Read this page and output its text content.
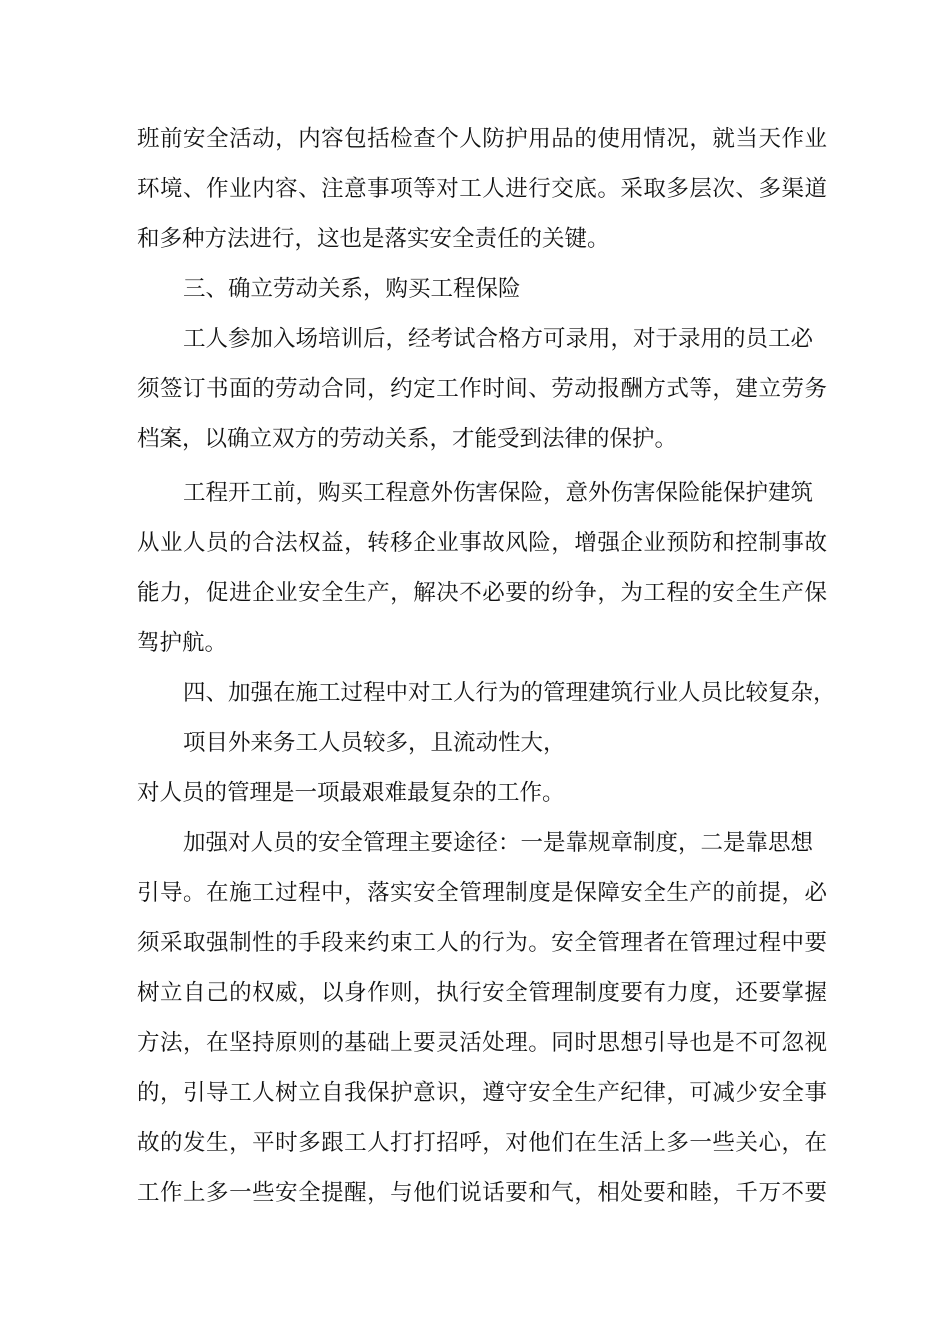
班前安全活动，内容包括检查个人防护用品的使用情况，就当天作业
环境、作业内容、注意事项等对工人进行交底。采取多层次、多渠道
和多种方法进行，这也是落实安全责任的关键。
三、确立劳动关系，购买工程保险
工人参加入场培训后，经考试合格方可录用，对于录用的员工必
须签订书面的劳动合同，约定工作时间、劳动报酬方式等，建立劳务
档案，以确立双方的劳动关系，才能受到法律的保护。
工程开工前，购买工程意外伤害保险，意外伤害保险能保护建筑
从业人员的合法权益，转移企业事故风险，增强企业预防和控制事故
能力，促进企业安全生产，解决不必要的纷争，为工程的安全生产保
驾护航。
四、加强在施工过程中对工人行为的管理建筑行业人员比较复杂，
项目外来务工人员较多，且流动性大，
对人员的管理是一项最艰难最复杂的工作。
加强对人员的安全管理主要途径：一是靠规章制度，二是靠思想
引导。在施工过程中，落实安全管理制度是保障安全生产的前提，必
须采取强制性的手段来约束工人的行为。安全管理者在管理过程中要
树立自己的权威，以身作则，执行安全管理制度要有力度，还要掌握
方法，在坚持原则的基础上要灵活处理。同时思想引导也是不可忽视
的，引导工人树立自我保护意识，遵守安全生产纪律，可减少安全事
故的发生，平时多跟工人打打招呼，对他们在生活上多一些关心，在
工作上多一些安全提醒，与他们说话要和气，相处要和睦，千万不要
